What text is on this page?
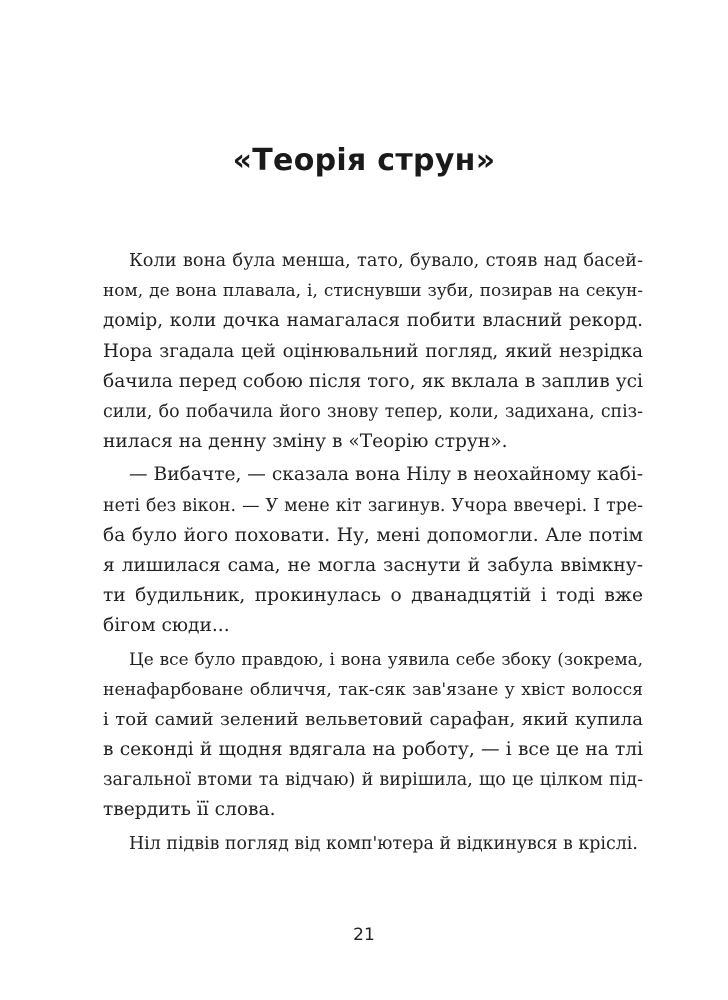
«Теорія струн»
Коли вона була менша, тато, бувало, стояв над басей-
ном, де вона плавала, і, стиснувши зуби, позирав на секун-
домір, коли дочка намагалася побити власний рекорд.
Нора згадала цей оцінювальний погляд, який незрідка
бачила перед собою після того, як вклала в заплив усі
сили, бо побачила його знову тепер, коли, задихана, спіз-
нилася на денну зміну в «Теорію струн».
— Вибачте, — сказала вона Нілу в неохайному кабі-
неті без вікон. — У мене кіт загинув. Учора ввечері. І тре-
ба було його поховати. Ну, мені допомогли. Але потім
я лишилася сама, не могла заснути й забула ввімкну-
ти будильник, прокинулась о дванадцятій і тоді вже
бігом сюди...
Це все було правдою, і вона уявила себе збоку (зокрема,
ненафарбоване обличчя, так-сяк зав'язане у хвіст волосся
і той самий зелений вельветовий сарафан, який купила
в секонді й щодня вдягала на роботу, — і все це на тлі
загальної втоми та відчаю) й вирішила, що це цілком під-
твердить її слова.
Ніл підвів погляд від комп'ютера й відкинувся в кріслі.
21
